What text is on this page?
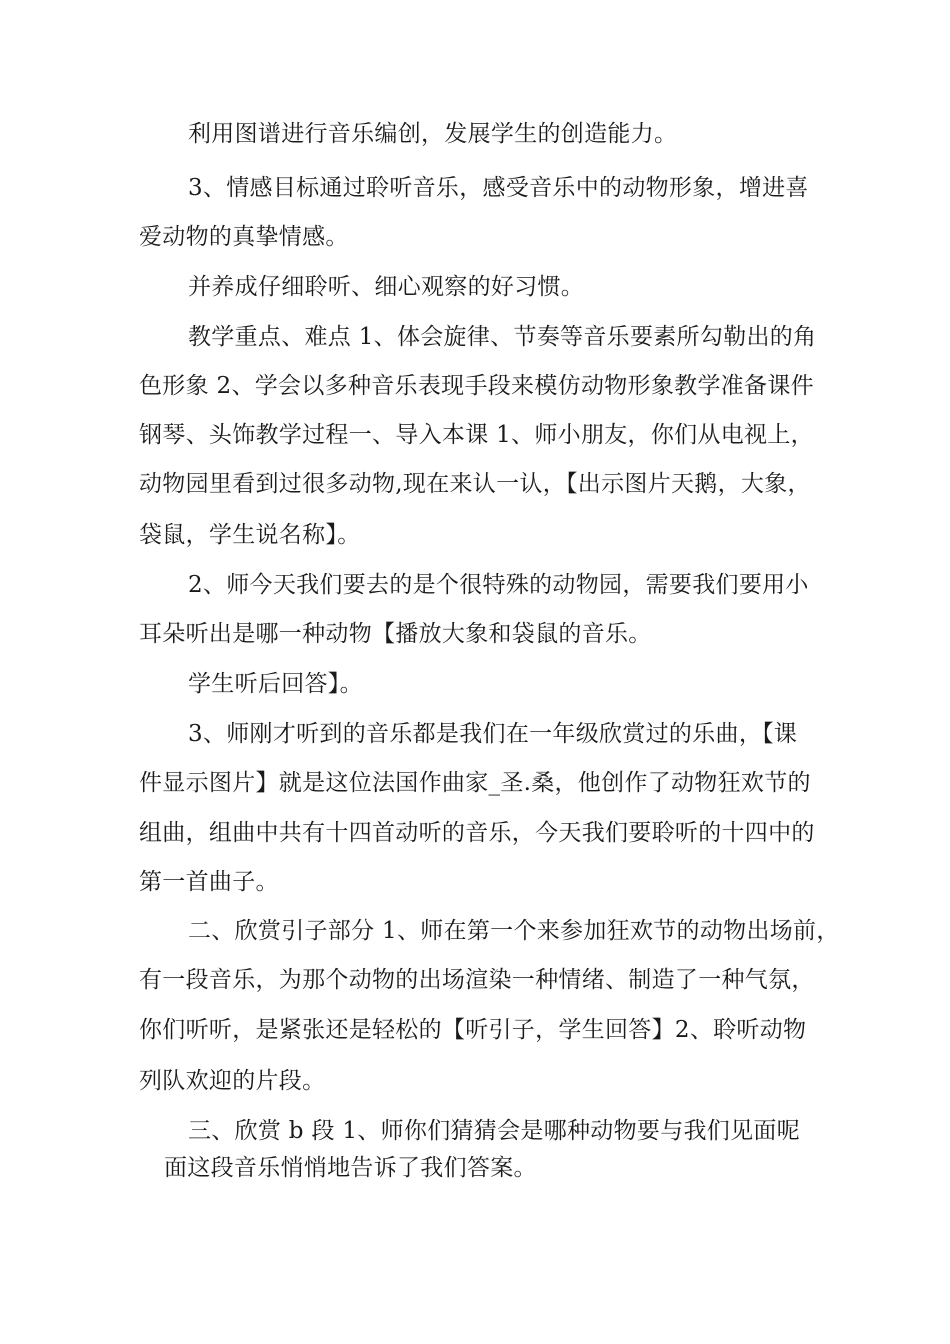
利用图谱进行音乐编创，发展学生的创造能力。
3、情感目标通过聆听音乐，感受音乐中的动物形象，增进喜
爱动物的真挚情感。
并养成仔细聆听、细心观察的好习惯。
教学重点、难点 1、体会旋律、节奏等音乐要素所勾勒出的角
色形象 2、学会以多种音乐表现手段来模仿动物形象教学准备课件
钢琴、头饰教学过程一、导入本课 1、师小朋友，你们从电视上，
动物园里看到过很多动物,现在来认一认，【出示图片天鹅，大象，
袋鼠，学生说名称】。
2、师今天我们要去的是个很特殊的动物园，需要我们要用小
耳朵听出是哪一种动物【播放大象和袋鼠的音乐。
学生听后回答】。
3、师刚才听到的音乐都是我们在一年级欣赏过的乐曲，【课
件显示图片】就是这位法国作曲家_圣.桑，他创作了动物狂欢节的
组曲，组曲中共有十四首动听的音乐，今天我们要聆听的十四中的
第一首曲子。
二、欣赏引子部分 1、师在第一个来参加狂欢节的动物出场前，
有一段音乐，为那个动物的出场渲染一种情绪、制造了一种气氛，
你们听听，是紧张还是轻松的【听引子，学生回答】2、聆听动物
列队欢迎的片段。
三、欣赏 b 段 1、师你们猜猜会是哪种动物要与我们见面呢
面这段音乐悄悄地告诉了我们答案。
